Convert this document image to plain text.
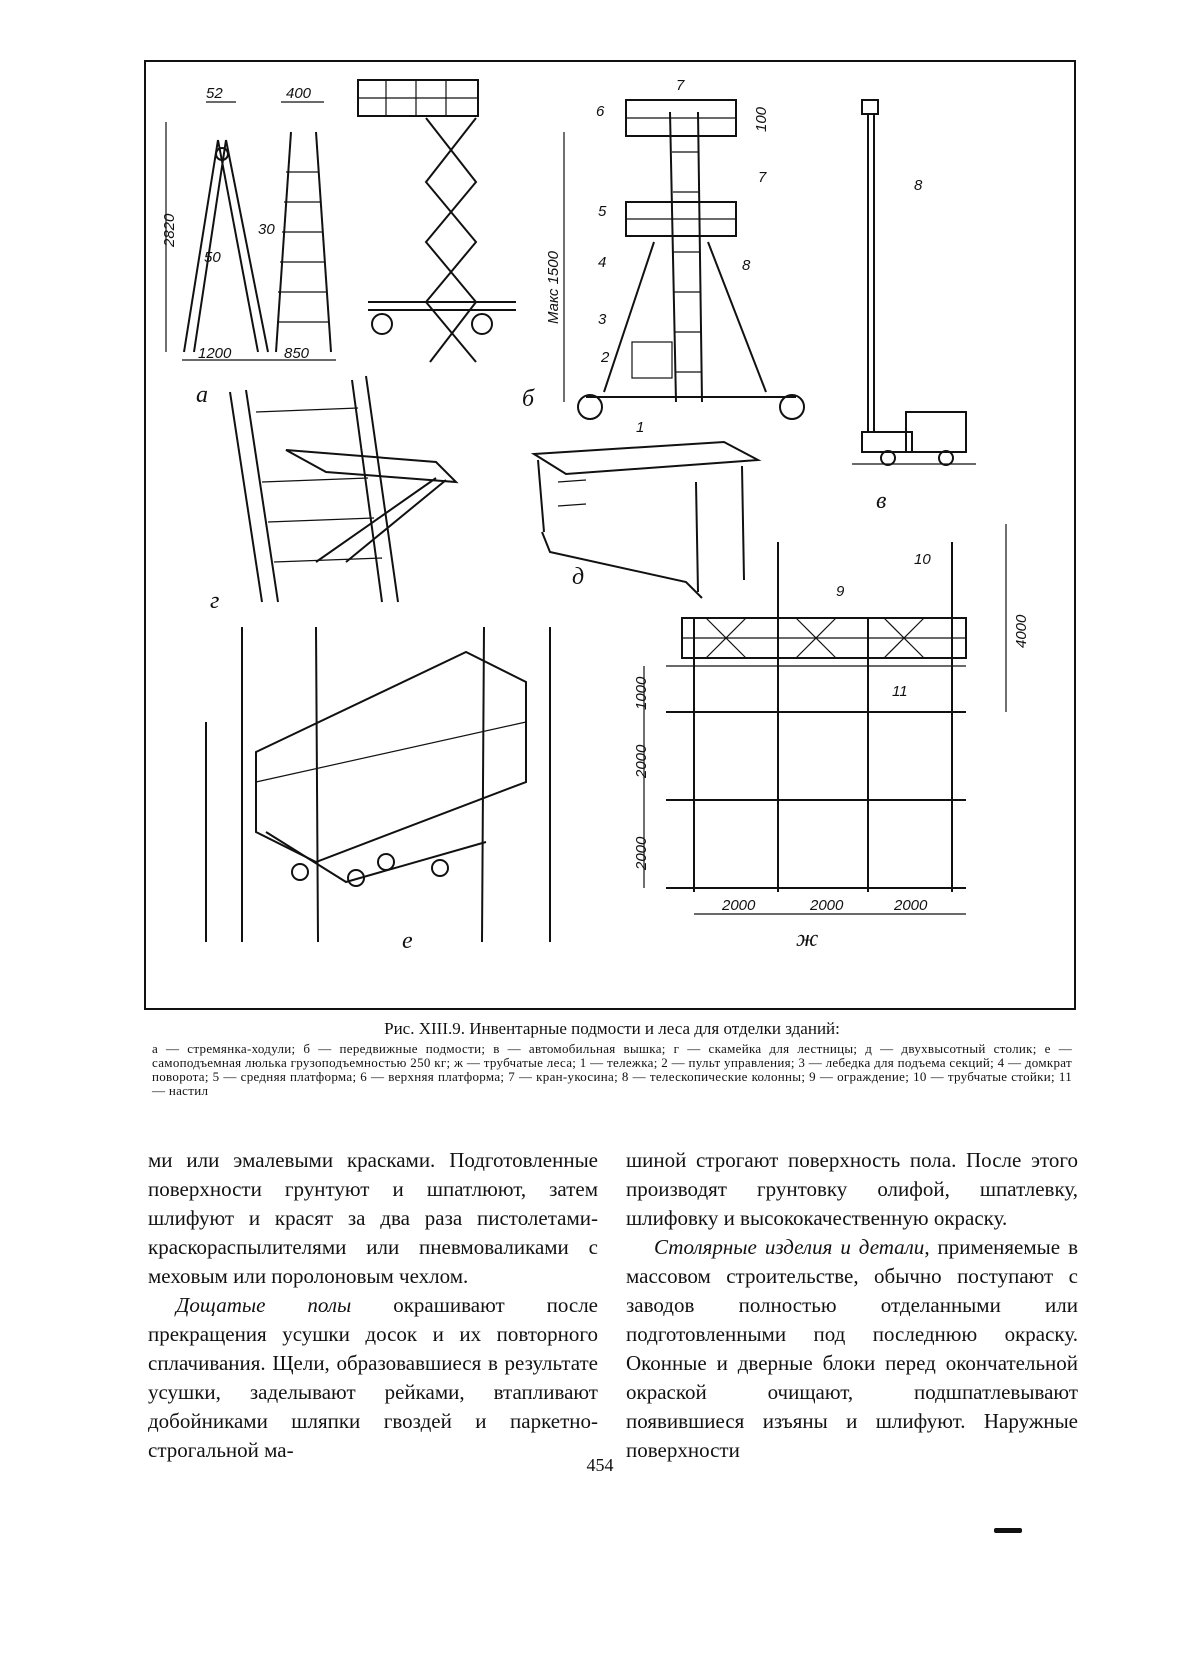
52	400
2820
50
30
1200	850
а
100
Макс 1500
2
3
4
5
6
7
7
8
1
б
8
в
г
д
е
4000
1000
2000
2000
2000	2000	2000
9
10
11
ж
Рис. XIII.9. Инвентарные подмости и леса для отделки зданий:
а — стремянка-ходули; б — передвижные подмости; в — автомобильная вышка; г — скамейка для лестницы; д — двухвысотный столик; е — самоподъемная люлька грузоподъемностью 250 кг; ж — трубчатые леса; 1 — тележка; 2 — пульт управления; 3 — лебедка для подъема секций; 4 — домкрат поворота; 5 — средняя платформа; 6 — верхняя платформа; 7 — кран-укосина; 8 — телескопические колонны; 9 — ограждение; 10 — трубчатые стойки; 11 — настил

ми или эмалевыми красками. Подготовленные поверхности грунтуют и шпатлюют, затем шлифуют и красят за два раза пистолетами-краскораспылителями или пневмоваликами с меховым или поролоновым чехлом.

Дощатые полы окрашивают после прекращения усушки досок и их повторного сплачивания. Щели, образовавшиеся в результате усушки, заделывают рейками, втапливают добойниками шляпки гвоздей и паркетно-строгальной ма-

шиной строгают поверхность пола. После этого производят грунтовку олифой, шпатлевку, шлифовку и высококачественную окраску.

Столярные изделия и детали, применяемые в массовом строительстве, обычно поступают с заводов полностью отделанными или подготовленными под последнюю окраску. Оконные и дверные блоки перед окончательной окраской очищают, подшпатлевывают появившиеся изъяны и шлифуют. Наружные поверхности

454
